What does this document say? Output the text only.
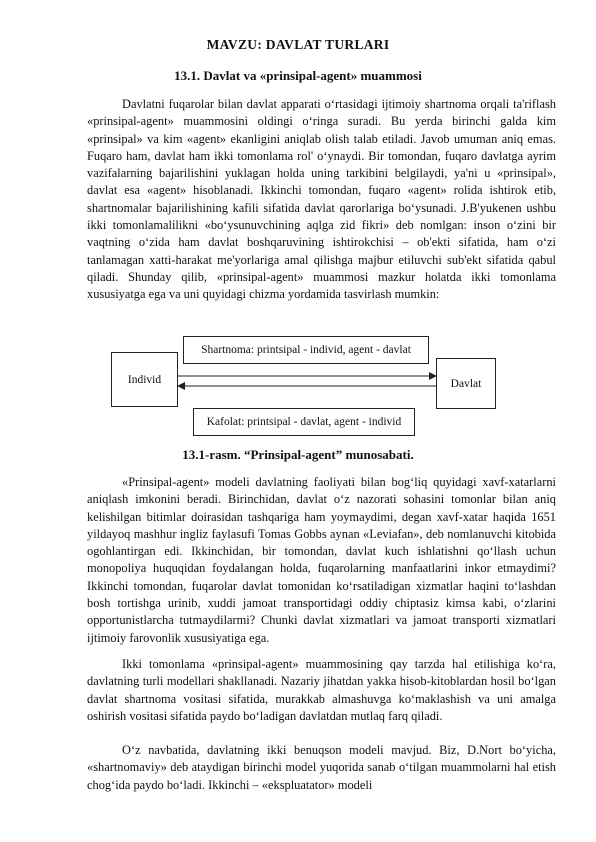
MAVZU: DAVLAT TURLARI
13.1. Davlat va «prinsipal-agent» muammosi

Davlatni fuqarolar bilan davlat apparati o‘rtasidagi ijtimoiy shartnoma orqali ta'riflash «prinsipal-agent» muammosini oldingi o‘ringa suradi. Bu yerda birinchi galda kim «prinsipal» va kim «agent» ekanligini aniqlab olish talab etiladi. Javob umuman aniq emas. Fuqaro ham, davlat ham ikki tomonlama rol' o‘ynaydi. Bir tomondan, fuqaro davlatga ayrim vazifalarning bajarilishini yuklagan holda uning tarkibini belgilaydi, ya'ni u «prinsipal», davlat esa «agent» hisoblanadi. Ikkinchi tomondan, fuqaro «agent» rolida ishtirok etib, shartnomalar bajarilishining kafili sifatida davlat qarorlariga bo‘ysunadi. J.B'yukenen ushbu ikki tomonlamalilikni «bo‘ysunuvchining aqlga zid fikri» deb nomlgan: inson o‘zini bir vaqtning o‘zida ham davlat boshqaruvining ishtirokchisi – ob'ekti sifatida, ham o‘zi tanlamagan xatti-harakat me'yorlariga amal qilishga majbur etiluvchi sub'ekt sifatida qabul qiladi. Shunday qilib, «prinsipal-agent» muammosi mazkur holatda ikki tomonlama xususiyatga ega va uni quyidagi chizma yordamida tasvirlash mumkin:

Shartnoma: printsipal - individ, agent - davlat
Individ	Davlat
Kafolat: printsipal - davlat, agent - individ
13.1-rasm. “Prinsipal-agent” munosabati.

«Prinsipal-agent» modeli davlatning faoliyati bilan bog‘liq quyidagi xavf-xatarlarni aniqlash imkonini beradi. Birinchidan, davlat o‘z nazorati sohasini tomonlar bilan aniq kelishilgan bitimlar doirasidan tashqariga ham yoymaydimi, degan xavf-xatar haqida 1651 yildayoq mashhur ingliz faylasufi Tomas Gobbs aynan «Leviafan», deb nomlanuvchi kitobida ogohlantirgan edi. Ikkinchidan, bir tomondan, davlat kuch ishlatishni qo‘llash uchun monopoliya huquqidan foydalangan holda, fuqarolarning manfaatlarini inkor etmaydimi? Ikkinchi tomondan, fuqarolar davlat tomonidan ko‘rsatiladigan xizmatlar haqini to‘lashdan bosh tortishga urinib, xuddi jamoat transportidagi oddiy chiptasiz kimsa kabi, o‘zlarini opportunistlarcha tutmaydilarmi? Chunki davlat xizmatlari va jamoat transporti xizmatlari ijtimoiy farovonlik xususiyatiga ega.

Ikki tomonlama «prinsipal-agent» muammosining qay tarzda hal etilishiga ko‘ra, davlatning turli modellari shakllanadi. Nazariy jihatdan yakka hisob-kitoblardan hosil bo‘lgan davlat shartnoma vositasi sifatida, murakkab almashuvga ko‘maklashish va uni amalga oshirish vositasi sifatida paydo bo‘ladigan davlatdan mutlaq farq qiladi.

O‘z navbatida, davlatning ikki benuqson modeli mavjud. Biz, D.Nort bo‘yicha, «shartnomaviy» deb ataydigan birinchi model yuqorida sanab o‘tilgan muammolarni hal etish chog‘ida paydo bo‘ladi. Ikkinchi – «ekspluatator» modeli
